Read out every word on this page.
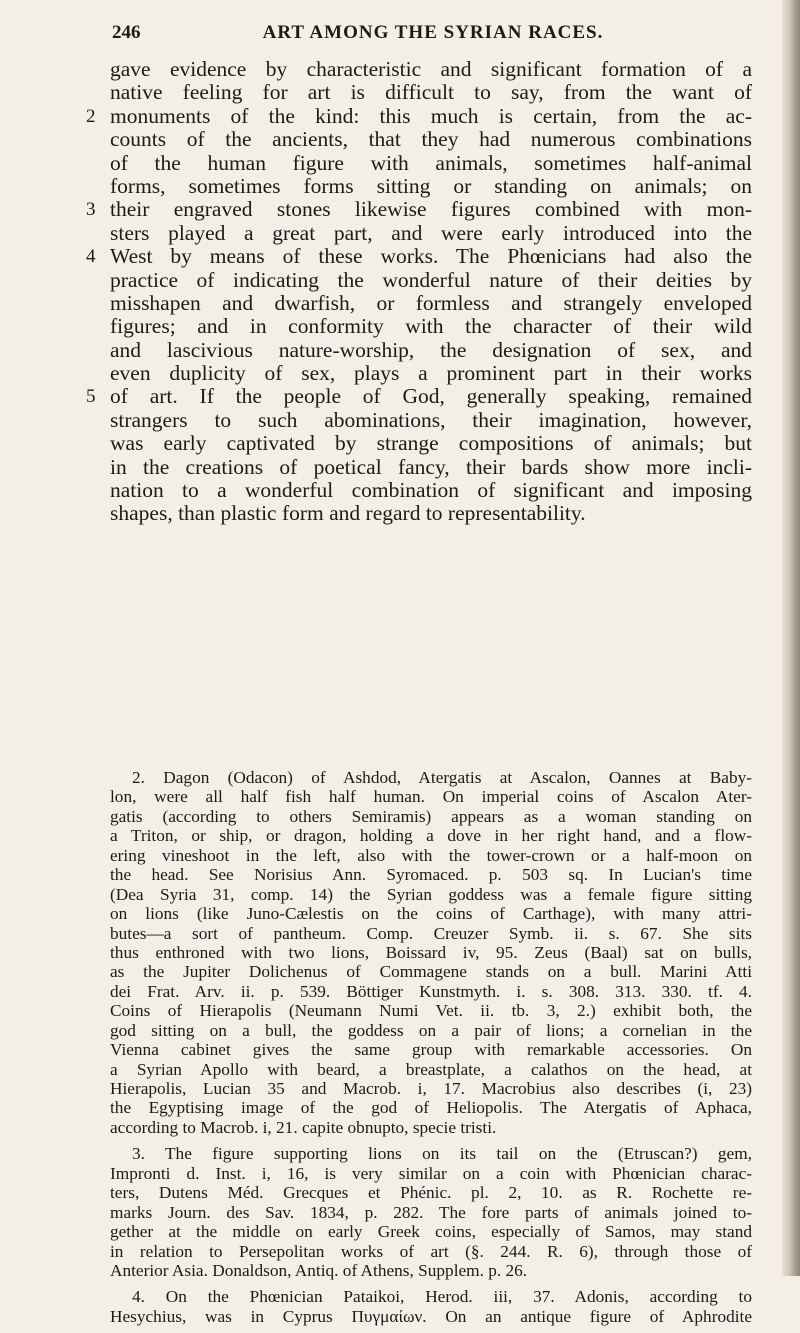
246	ART AMONG THE SYRIAN RACES.
gave evidence by characteristic and significant formation of a
native feeling for art is difficult to say, from the want of
2 monuments of the kind: this much is certain, from the ac-
counts of the ancients, that they had numerous combinations
of the human figure with animals, sometimes half-animal
forms, sometimes forms sitting or standing on animals; on
3 their engraved stones likewise figures combined with mon-
sters played a great part, and were early introduced into the
4 West by means of these works. The Phœnicians had also the
practice of indicating the wonderful nature of their deities by
misshapen and dwarfish, or formless and strangely enveloped
figures; and in conformity with the character of their wild
and lascivious nature-worship, the designation of sex, and
even duplicity of sex, plays a prominent part in their works
5 of art. If the people of God, generally speaking, remained
strangers to such abominations, their imagination, however,
was early captivated by strange compositions of animals; but
in the creations of poetical fancy, their bards show more incli-
nation to a wonderful combination of significant and imposing
shapes, than plastic form and regard to representability.
2. Dagon (Odacon) of Ashdod, Atergatis at Ascalon, Oannes at Baby-
lon, were all half fish half human. On imperial coins of Ascalon Ater-
gatis (according to others Semiramis) appears as a woman standing on
a Triton, or ship, or dragon, holding a dove in her right hand, and a flow-
ering vineshoot in the left, also with the tower-crown or a half-moon on
the head. See Norisius Ann. Syromaced. p. 503 sq. In Lucian's time
(Dea Syria 31, comp. 14) the Syrian goddess was a female figure sitting
on lions (like Juno-Cælestis on the coins of Carthage), with many attri-
butes—a sort of pantheum. Comp. Creuzer Symb. ii. s. 67. She sits
thus enthroned with two lions, Boissard iv, 95. Zeus (Baal) sat on bulls,
as the Jupiter Dolichenus of Commagene stands on a bull. Marini Atti
dei Frat. Arv. ii. p. 539. Böttiger Kunstmyth. i. s. 308. 313. 330. tf. 4.
Coins of Hierapolis (Neumann Numi Vet. ii. tb. 3, 2.) exhibit both, the
god sitting on a bull, the goddess on a pair of lions; a cornelian in the
Vienna cabinet gives the same group with remarkable accessories. On
a Syrian Apollo with beard, a breastplate, a calathos on the head, at
Hierapolis, Lucian 35 and Macrob. i, 17. Macrobius also describes (i, 23)
the Egyptising image of the god of Heliopolis. The Atergatis of Aphaca,
according to Macrob. i, 21. capite obnupto, specie tristi.
3. The figure supporting lions on its tail on the (Etruscan?) gem,
Impronti d. Inst. i, 16, is very similar on a coin with Phœnician charac-
ters, Dutens Méd. Grecques et Phénic. pl. 2, 10. as R. Rochette re-
marks Journ. des Sav. 1834, p. 282. The fore parts of animals joined to-
gether at the middle on early Greek coins, especially of Samos, may stand
in relation to Persepolitan works of art (§. 244. R. 6), through those of
Anterior Asia. Donaldson, Antiq. of Athens, Supplem. p. 26.
4. On the Phœnician Pataikoi, Herod. iii, 37. Adonis, according to
Hesychius, was in Cyprus Πυγμαίων. On an antique figure of Aphrodite
